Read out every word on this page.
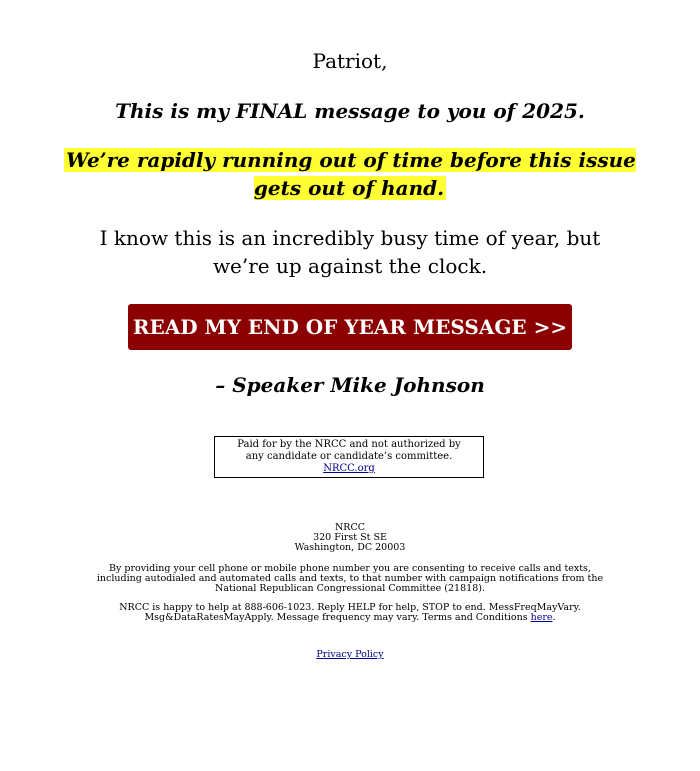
Patriot,
This is my FINAL message to you of 2025.
We’re rapidly running out of time before this issue gets out of hand.
I know this is an incredibly busy time of year, but we’re up against the clock.
READ MY END OF YEAR MESSAGE >>
– Speaker Mike Johnson
Paid for by the NRCC and not authorized by any candidate or candidate’s committee. NRCC.org
NRCC
320 First St SE
Washington, DC 20003
By providing your cell phone or mobile phone number you are consenting to receive calls and texts, including autodialed and automated calls and texts, to that number with campaign notifications from the National Republican Congressional Committee (21818).
NRCC is happy to help at 888-606-1023. Reply HELP for help, STOP to end. MessFreqMayVary. Msg&DataRatesMayApply. Message frequency may vary. Terms and Conditions here.
Privacy Policy
